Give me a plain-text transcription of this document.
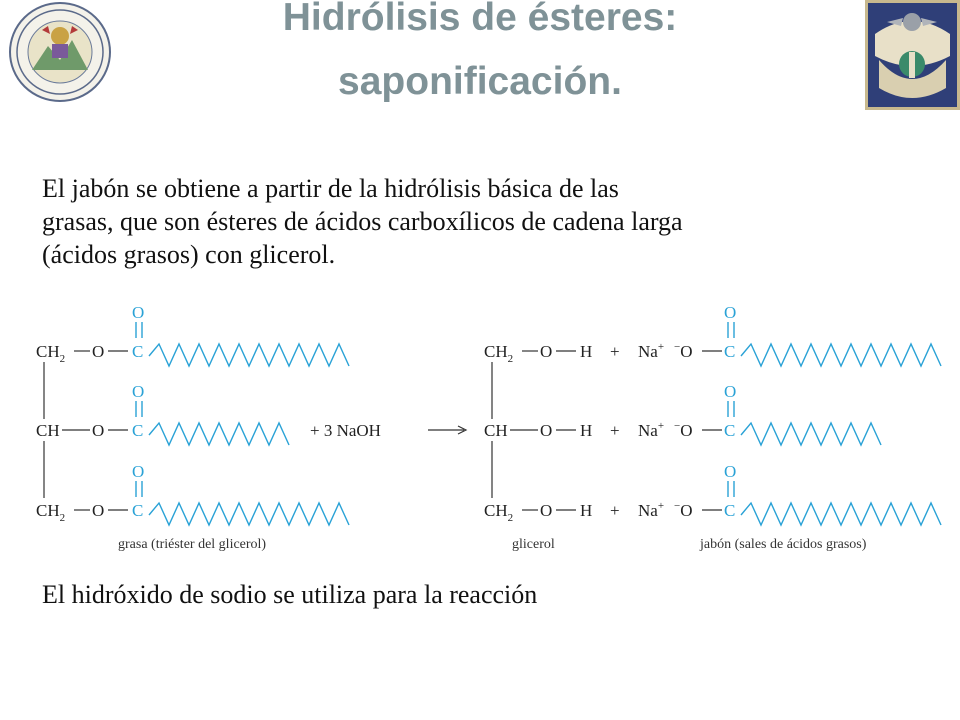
Hidrólisis de ésteres:
saponificación.

El jabón se obtiene a partir de la hidrólisis básica de las
grasas, que son ésteres de ácidos carboxílicos de cadena larga
(ácidos grasos) con glicerol.

$CH_2$
CH
$CH_2$
O
O
O
O
C
O
C
O
C
grasa (triéster del glicerol)
+ 3 NaOH
$CH_2$
CH
$CH_2$
O H
O H
O H
glicerol
+ Na+ −O
O
C
+ Na+ −O
O
C
+ Na+ −O
O
C
jabón (sales de ácidos grasos)

El hidróxido de sodio se utiliza para la reacción
